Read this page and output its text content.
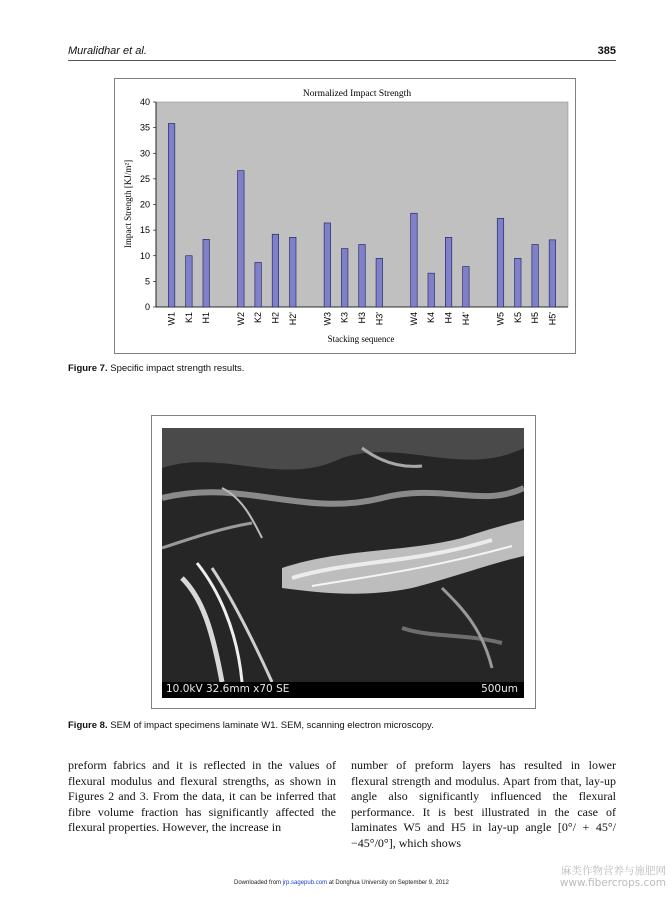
Muralidhar et al.	385
Normalized Impact Strength
0
5
10
15
20
25
30
35
40
W1 K1 H1	W2 K2 H2 H2'	W3 K3 H3 H3'	W4 K4 H4 H4'	W5 K5 H5 H5'
Impact Strength [KJ/m²]
Stacking sequence
Figure 7. Specific impact strength results.
10.0kV 32.6mm x70 SE	500um
Figure 8. SEM of impact specimens laminate W1. SEM, scanning electron microscopy.
preform fabrics and it is reflected in the values of flexural modulus and flexural strengths, as shown in Figures 2 and 3. From the data, it can be inferred that fibre volume fraction has significantly affected the flexural properties. However, the increase in
number of preform layers has resulted in lower flexural strength and modulus. Apart from that, lay-up angle also significantly influenced the flexural performance. It is best illustrated in the case of laminates W5 and H5 in lay-up angle [0°/ + 45°/−45°/0°], which shows
Downloaded from jrp.sagepub.com at Donghua University on September 9, 2012
麻类作物营养与施肥网
www.fibercrops.com
